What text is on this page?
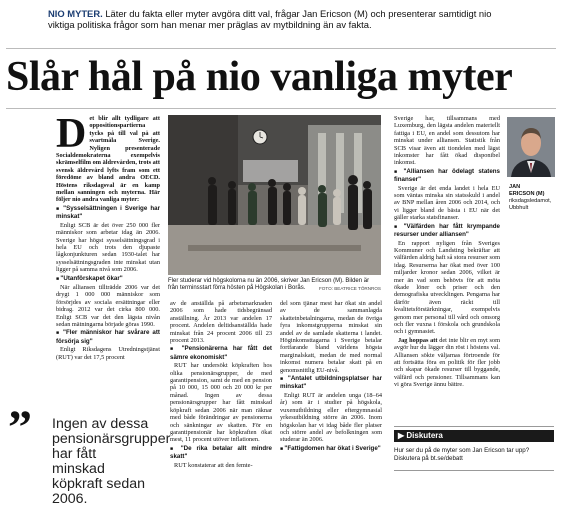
NIO MYTER. Läter du fakta eller myter avgöra ditt val, frågar Jan Ericson (M) och presenterar samtidigt nio viktiga politiska frågor som han menar mer präglas av mytbildning än av fakta.
Slår hål på nio vanliga myter

Det blir allt tydligare att oppositionspartierna tycks på till val på att svartmåla Sverige. Nyligen presenterade Socialdemokraterna exempelvis skrämselfilm om äldrevården, trots att svensk äldrevård lyfts fram som ett föredöme av bland andra OECD. Höstens riksdagsval är en kamp mellan sanningen och myterna. Här följer nio andra vanliga myter:

■ "Sysselsättningen i Sverige har minskat"

Enligt SCB är det över 250 000 fler människor som arbetar idag än 2006. Sverige har högst sysselsättningsgrad i hela EU och trots den djupaste lågkonjunkturen sedan 1930-talet har sysselsättningsgraden inte minskat utan ligger på samma nivå som 2006.

■ "Utanförskapet ökar"

När alliansen tillträdde 2006 var det drygt 1 000 000 människor som försörjdes av sociala ersättningar eller bidrag. 2012 var det cirka 800 000. Enligt SCB var det den lägsta nivån sedan mätningarna började göras 1990.

■ "Fler människor har svårare att försörja sig"

Enligt Riksdagens Utredningstjänst (RUT) var det 17,5 procent

Fler studerar vid högskolorna nu än 2006, skriver Jan Ericson (M). Bilden är från terminsstart förra hösten på Högskolan i Borås.	FOTO: BEATRICE TÖRNROS

av de anställda på arbetsmarknaden 2006 som hade tidsbegränsad anställning. År 2013 var andelen 17 procent. Andelen deltidsanställda hade minskat från 24 procent 2006 till 23 procent 2013.

■ "Pensionärerna har fått det sämre ekonomiskt"

RUT har undersökt köpkraften hos olika pensionärsgrupper, de med garantipension, samt de med en pension på 10 000, 15 000 och 20 000 kr per månad. Ingen av dessa pensionärsgrupper har fått minskad köpkraft sedan 2006 när man räknar med både förändringar av pensionerna och sänkningar av skatten. För en garantipensionär har köpkraften ökat mest, 11 procent utöver inflationen.

■ "De rika betalar allt mindre skatt"

RUT konstaterar att den femte-

del som tjänar mest har ökat sin andel av de sammanlagda skatteinbetalningarna, medan de övriga fyra inkomstgrupperna minskat sin andel av de samlade skatterna i landet. Höginkomsttagarna i Sverige betalar fortfarande bland världens högsta marginalskatt, medan de med normal inkomst numera betalar skatt på en genomsnittlig EU-nivå.

■ "Antalet utbildningsplatser har minskat"

Enligt RUT är andelen unga (18–64 år) som är i studier på högskola, vuxenutbildning eller eftergymnasial yrkesutbildning större än 2006. Inom högskolan har vi idag både fler platser och större andel av befolkningen som studerar än 2006.

■ "Fattigdomen har ökat i Sverige"

Sverige har, tillsammans med Luxemburg, den lägsta andelen materiellt fattiga i EU, en andel som dessutom har minskat under alliansen. Statistik från SCB visar även att tiondelen med lägst inkomster har fått ökad disponibel inkomst.

■ "Alliansen har ödelagt statens finanser"

Sverige är det enda landet i hela EU som väntas minska sin statsskuld i andel av BNP mellan åren 2006 och 2014, och vi ligger bland de bästa i EU när det gäller starka statsfinanser.

■ "Välfärden har fått krympande resurser under alliansen"

En rapport nyligen från Sveriges Kommuner och Landsting bekräftar att välfärden aldrig haft så stora resurser som idag. Resurserna har ökat med över 100 miljarder kronor sedan 2006, vilket är mer än vad som behövts för att möta ökade löner och priser och den demografiska utvecklingen. Pengarna har därför även räckt till kvalitetsförstärkningar, exempelvis genom mer personal till vård och omsorg och fler vuxna i förskola och grundskola och i gymnasiet.

Jag hoppas att det inte blir en myt som avgör hur du lägger din röst i höstens val. Alliansen sökte väljarnas förtroende för att fortsätta föra en politik för fler jobb och skapar ökade resurser till byggande, välfärd och pensioner. Tillsammans kan vi göra Sverige ännu bättre.

JAN
ERICSON (M)
riksdagsledamot, Ubbhult
” Ingen av dessa pensionärsgrupper har fått minskad köpkraft sedan 2006.
▶ Diskutera
Hur ser du på de myter som Jan Ericson tar upp? Diskutera på bt.se/debatt
